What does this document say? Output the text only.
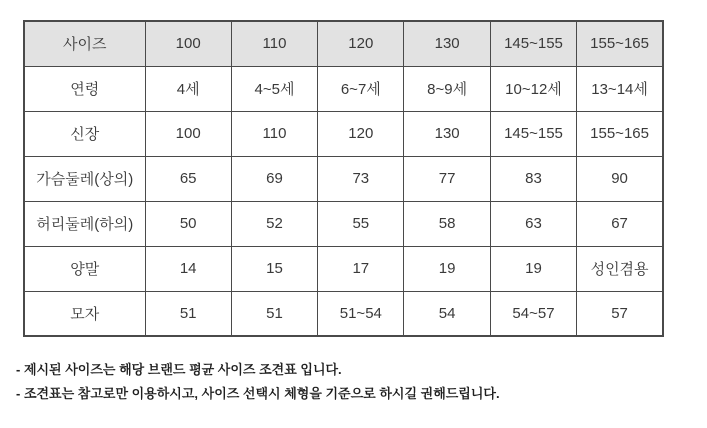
사이즈	100	110	120	130	145~155	155~165
연령	4세	4~5세	6~7세	8~9세	10~12세	13~14세
신장	100	110	120	130	145~155	155~165
가슴둘레(상의)	65	69	73	77	83	90
허리둘레(하의)	50	52	55	58	63	67
양말	14	15	17	19	19	성인겸용
모자	51	51	51~54	54	54~57	57

- 제시된 사이즈는 해당 브랜드 평균 사이즈 조견표 입니다.

- 조견표는 참고로만 이용하시고, 사이즈 선택시 체형을 기준으로 하시길 권해드립니다.
